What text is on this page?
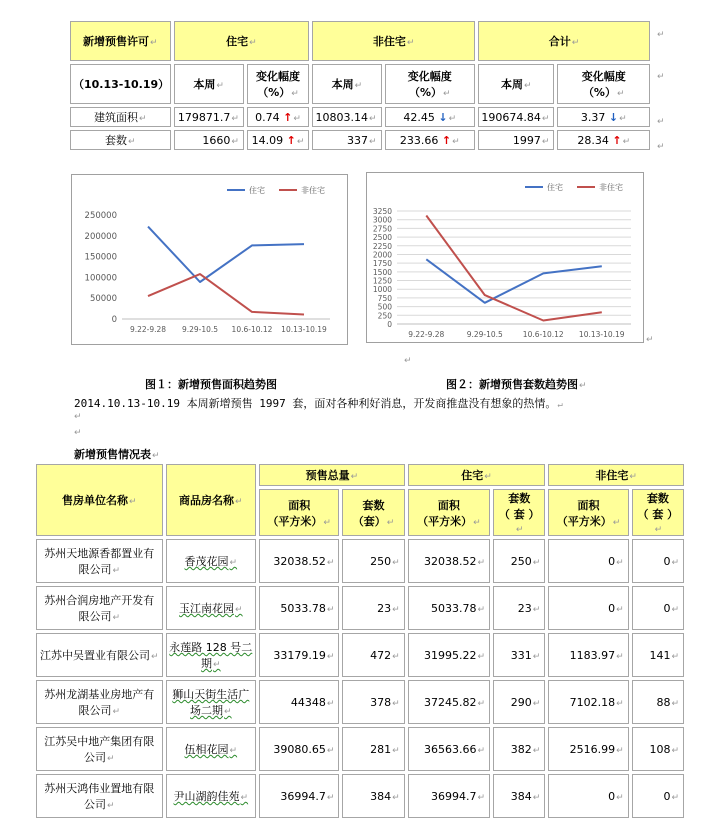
新增预售许可 ↵	住宅 ↵		非住宅 ↵		合计 ↵
（10.13-10.19）	本周 ↵	变化幅度
（%） ↵	本周 ↵	变化幅度
（%） ↵	本周 ↵	变化幅度
（%） ↵
建筑面积 ↵	179871.7 ↵	0.74 ↑ ↵	10803.14 ↵	42.45 ↓ ↵	190674.84 ↵	3.37 ↓ ↵
套数 ↵	1660 ↵	14.09 ↑ ↵	337 ↵	233.66 ↑ ↵	1997 ↵	28.34 ↑ ↵
↵
↵
↵
↵
0
50000
100000
150000
200000
250000
9.22-9.28 9.29-10.5 10.6-10.12 10.13-10.19
住宅	非住宅
0
250
500
750
1000
1250
1500
1750
2000
2250
2500
2750
3000
3250
9.22-9.28	9.29-10.5	10.6-10.12 10.13-10.19
住宅	非住宅
↵
↵
图１：新增预售面积趋势图	图２：新增预售套数趋势图 ↵
2014.10.13-10.19 本周新增预售 1997 套，面对各种利好消息，开发商推盘没有想象的热情。 ↵
↵
↵
新增预售情况表 ↵
售房单位名称 ↵	商品房名称 ↵	预售总量 ↵		住宅 ↵		非住宅 ↵
		面积
（平方米） ↵	套数
（套） ↵	面积
（平方米） ↵	套数
（ 套 ） ↵	面积
（平方米） ↵	套数
（ 套 ） ↵
苏州天地源香都置业有限公司 ↵	香茂花园 ↵	32038.52 ↵	250 ↵	32038.52 ↵	250 ↵	0 ↵	0 ↵
苏州合润房地产开发有限公司 ↵	玉江南花园 ↵	5033.78 ↵	23 ↵	5033.78 ↵	23 ↵	0 ↵	0 ↵
江苏中吴置业有限公司 ↵	永莲路 128 号二期 ↵	33179.19 ↵	472 ↵	31995.22 ↵	331 ↵	1183.97 ↵	141 ↵
苏州龙湖基业房地产有限公司 ↵	狮山天街生活广场二期 ↵	44348 ↵	378 ↵	37245.82 ↵	290 ↵	7102.18 ↵	88 ↵
江苏吴中地产集团有限公司 ↵	伍相花园 ↵	39080.65 ↵	281 ↵	36563.66 ↵	382 ↵	2516.99 ↵	108 ↵
苏州天鸿伟业置地有限公司 ↵	尹山湖韵佳苑 ↵	36994.7 ↵	384 ↵	36994.7 ↵	384 ↵	0 ↵	0 ↵
